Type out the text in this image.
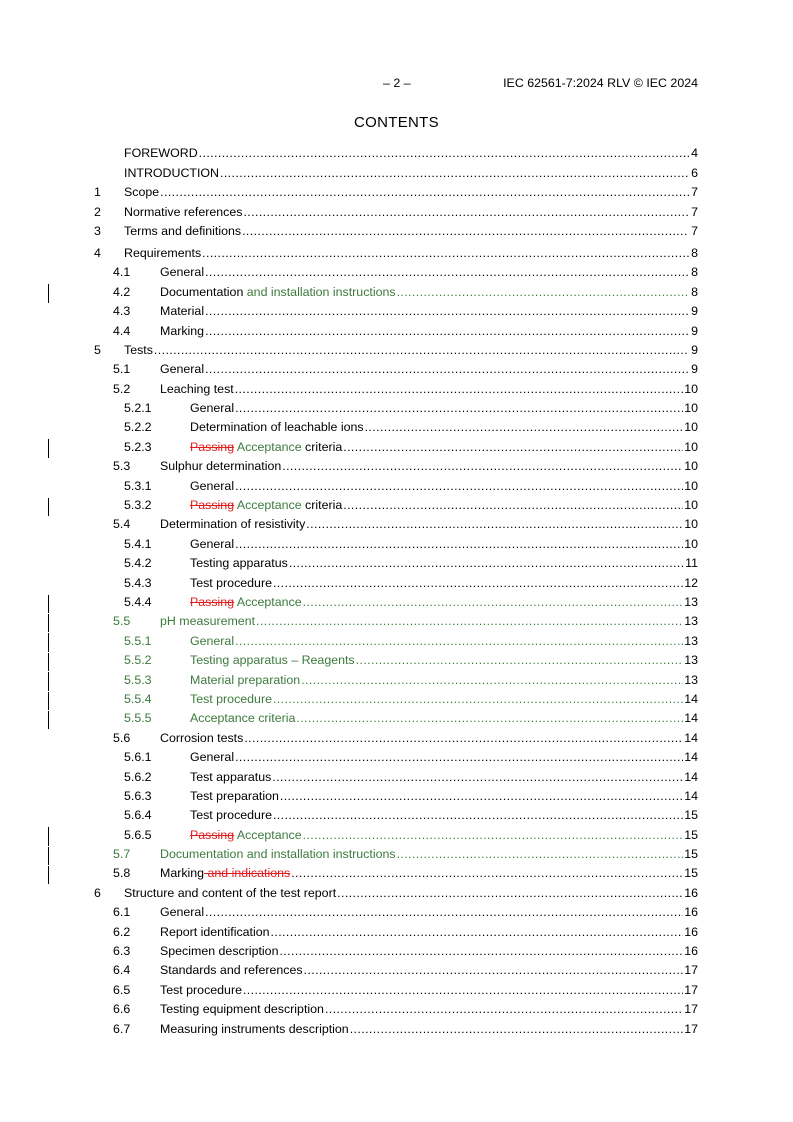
– 2 –	IEC 62561-7:2024 RLV © IEC 2024
CONTENTS
FOREWORD .....	4
INTRODUCTION .....	6
1	Scope .....	7
2	Normative references .....	7
3	Terms and definitions .....	7
4	Requirements .....	8
4.1	General .....	8
4.2	Documentation and installation instructions .....	8
4.3	Material .....	9
4.4	Marking .....	9
5	Tests .....	9
5.1	General .....	9
5.2	Leaching test .....	10
5.2.1	General .....	10
5.2.2	Determination of leachable ions .....	10
5.2.3	Passing Acceptance criteria .....	10
5.3	Sulphur determination .....	10
5.3.1	General .....	10
5.3.2	Passing Acceptance criteria .....	10
5.4	Determination of resistivity .....	10
5.4.1	General .....	10
5.4.2	Testing apparatus .....	11
5.4.3	Test procedure .....	12
5.4.4	Passing Acceptance .....	13
5.5	pH measurement .....	13
5.5.1	General .....	13
5.5.2	Testing apparatus – Reagents .....	13
5.5.3	Material preparation .....	13
5.5.4	Test procedure .....	14
5.5.5	Acceptance criteria .....	14
5.6	Corrosion tests .....	14
5.6.1	General .....	14
5.6.2	Test apparatus .....	14
5.6.3	Test preparation .....	14
5.6.4	Test procedure .....	15
5.6.5	Passing Acceptance .....	15
5.7	Documentation and installation instructions .....	15
5.8	Marking and indications .....	15
6	Structure and content of the test report .....	16
6.1	General .....	16
6.2	Report identification .....	16
6.3	Specimen description .....	16
6.4	Standards and references .....	17
6.5	Test procedure .....	17
6.6	Testing equipment description .....	17
6.7	Measuring instruments description .....	17
